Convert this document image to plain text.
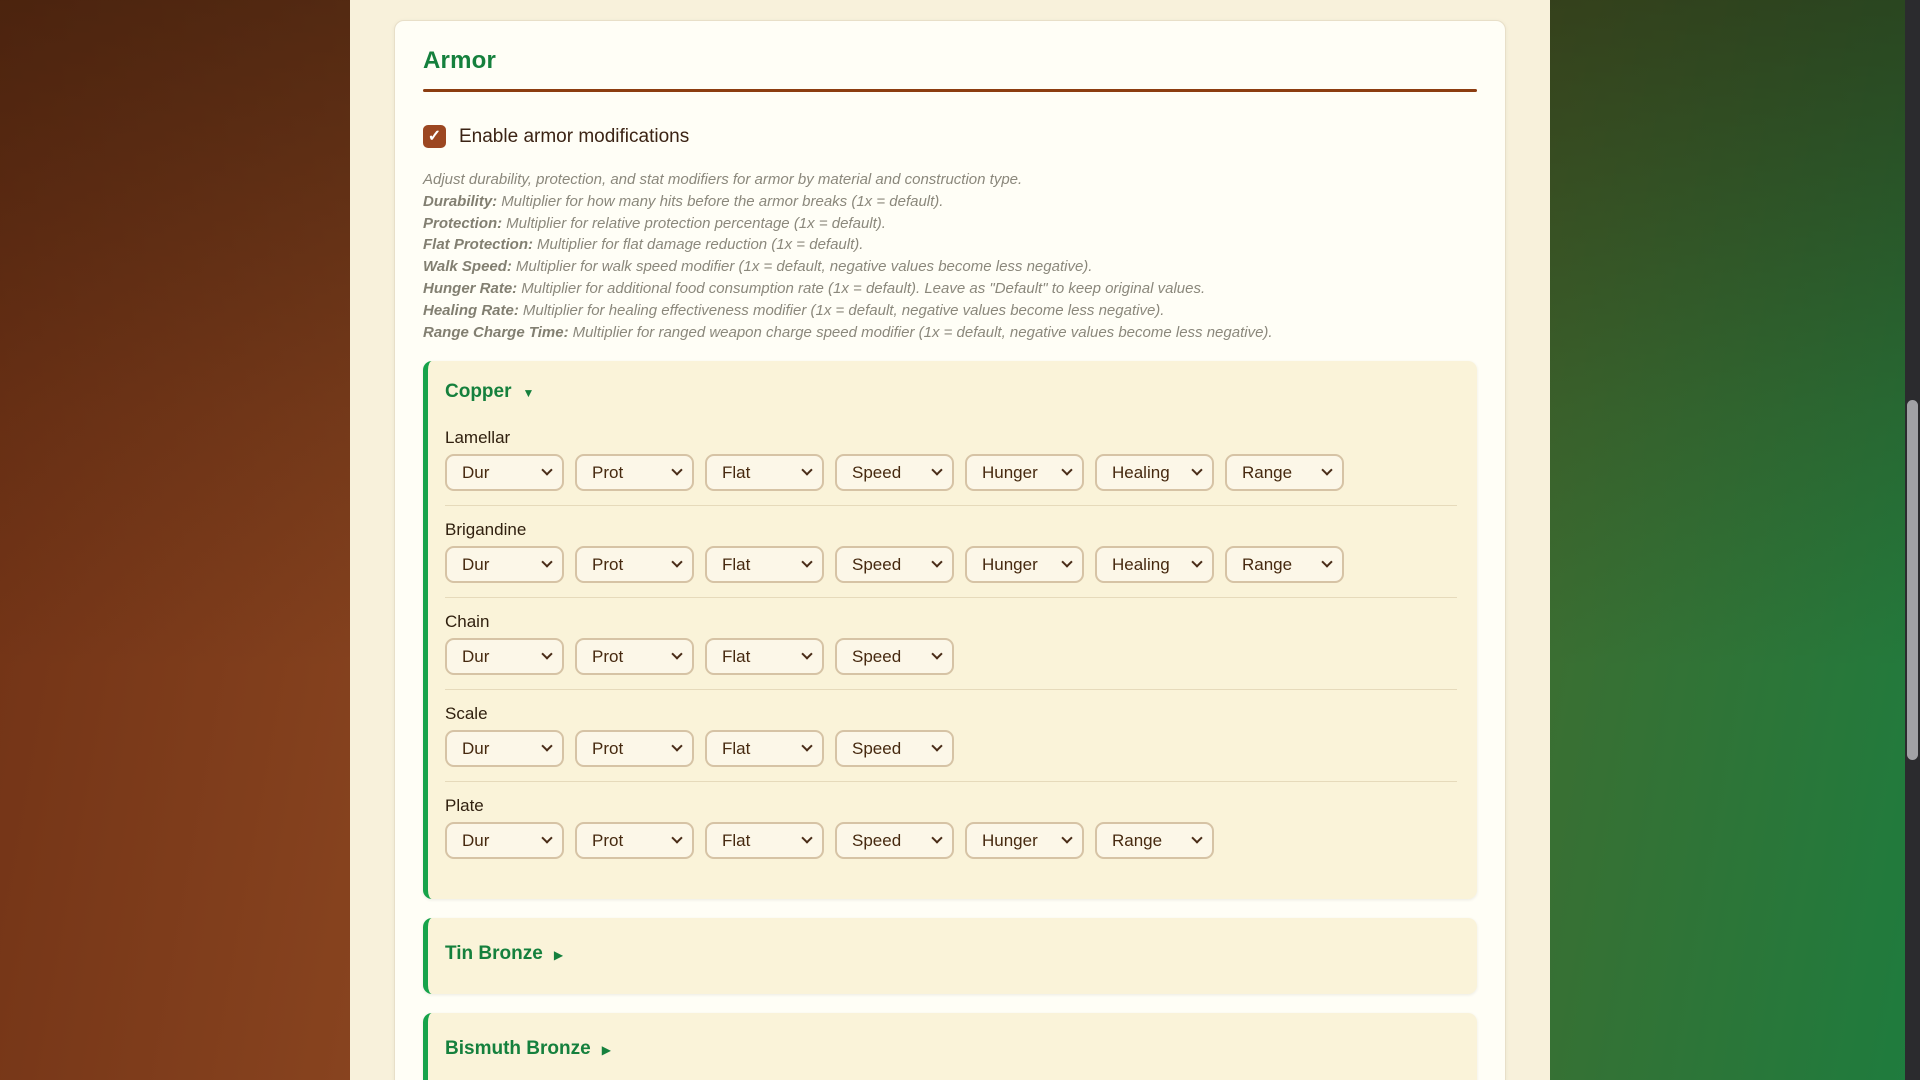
Armor
✓ Enable armor modifications
Adjust durability, protection, and stat modifiers for armor by material and construction type.
Durability: Multiplier for how many hits before the armor breaks (1x = default).
Protection: Multiplier for relative protection percentage (1x = default).
Flat Protection: Multiplier for flat damage reduction (1x = default).
Walk Speed: Multiplier for walk speed modifier (1x = default, negative values become less negative).
Hunger Rate: Multiplier for additional food consumption rate (1x = default). Leave as "Default" to keep original values.
Healing Rate: Multiplier for healing effectiveness modifier (1x = default, negative values become less negative).
Range Charge Time: Multiplier for ranged weapon charge speed modifier (1x = default, negative values become less negative).
Copper ▼
Lamellar
Dur
Prot
Flat
Speed
Hunger
Healing
Range
Brigandine
Dur
Prot
Flat
Speed
Hunger
Healing
Range
Chain
Dur
Prot
Flat
Speed
Scale
Dur
Prot
Flat
Speed
Plate
Dur
Prot
Flat
Speed
Hunger
Range
Tin Bronze ▶
Bismuth Bronze ▶
